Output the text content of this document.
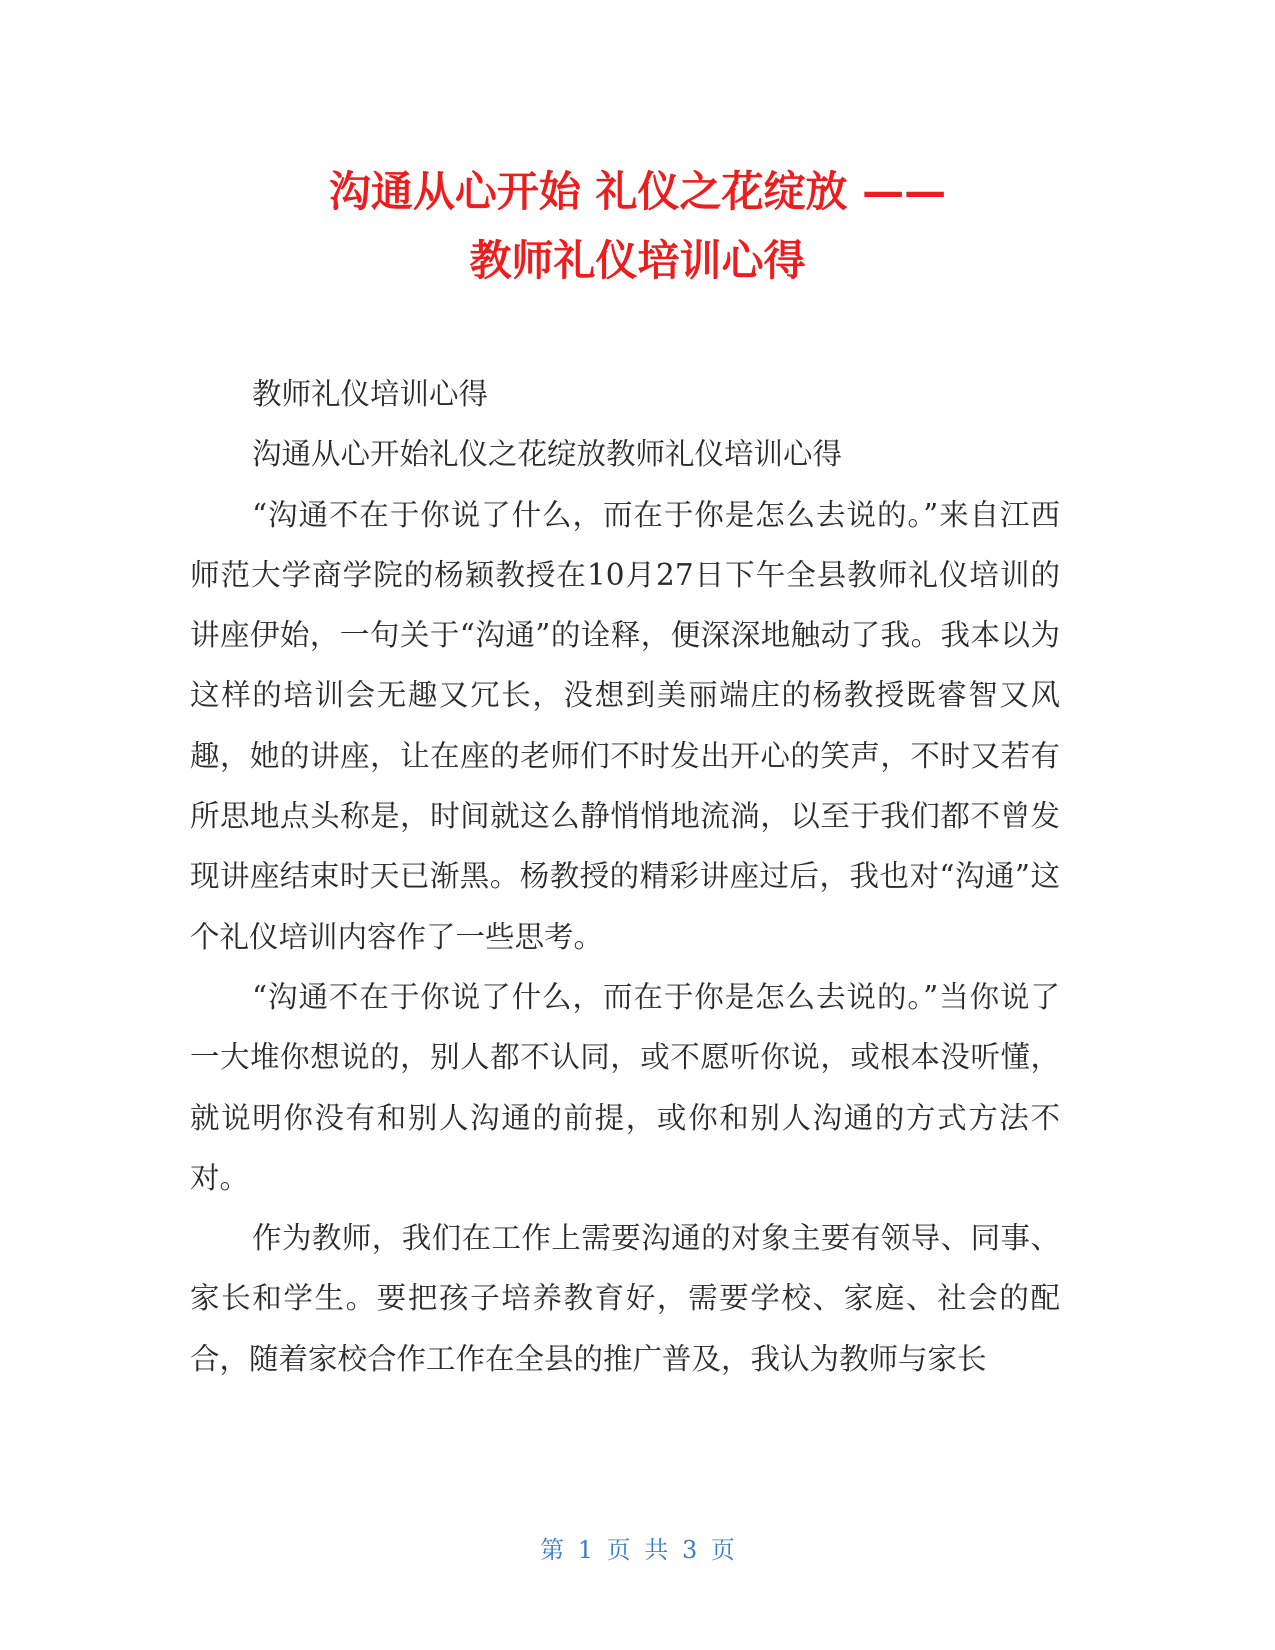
沟通从心开始 礼仪之花绽放 ——
教师礼仪培训心得

教师礼仪培训心得

沟通从心开始礼仪之花绽放教师礼仪培训心得

“沟通不在于你说了什么，而在于你是怎么去说的。”来自江西师范大学商学院的杨颖教授在10月27日下午全县教师礼仪培训的讲座伊始，一句关于“沟通”的诠释，便深深地触动了我。我本以为这样的培训会无趣又冗长，没想到美丽端庄的杨教授既睿智又风趣，她的讲座，让在座的老师们不时发出开心的笑声，不时又若有所思地点头称是，时间就这么静悄悄地流淌，以至于我们都不曾发现讲座结束时天已渐黑。杨教授的精彩讲座过后，我也对“沟通”这个礼仪培训内容作了一些思考。

“沟通不在于你说了什么，而在于你是怎么去说的。”当你说了一大堆你想说的，别人都不认同，或不愿听你说，或根本没听懂，就说明你没有和别人沟通的前提，或你和别人沟通的方式方法不对。

作为教师，我们在工作上需要沟通的对象主要有领导、同事、家长和学生。要把孩子培养教育好，需要学校、家庭、社会的配合，随着家校合作工作在全县的推广普及，我认为教师与家长

第 1 页 共 3 页
